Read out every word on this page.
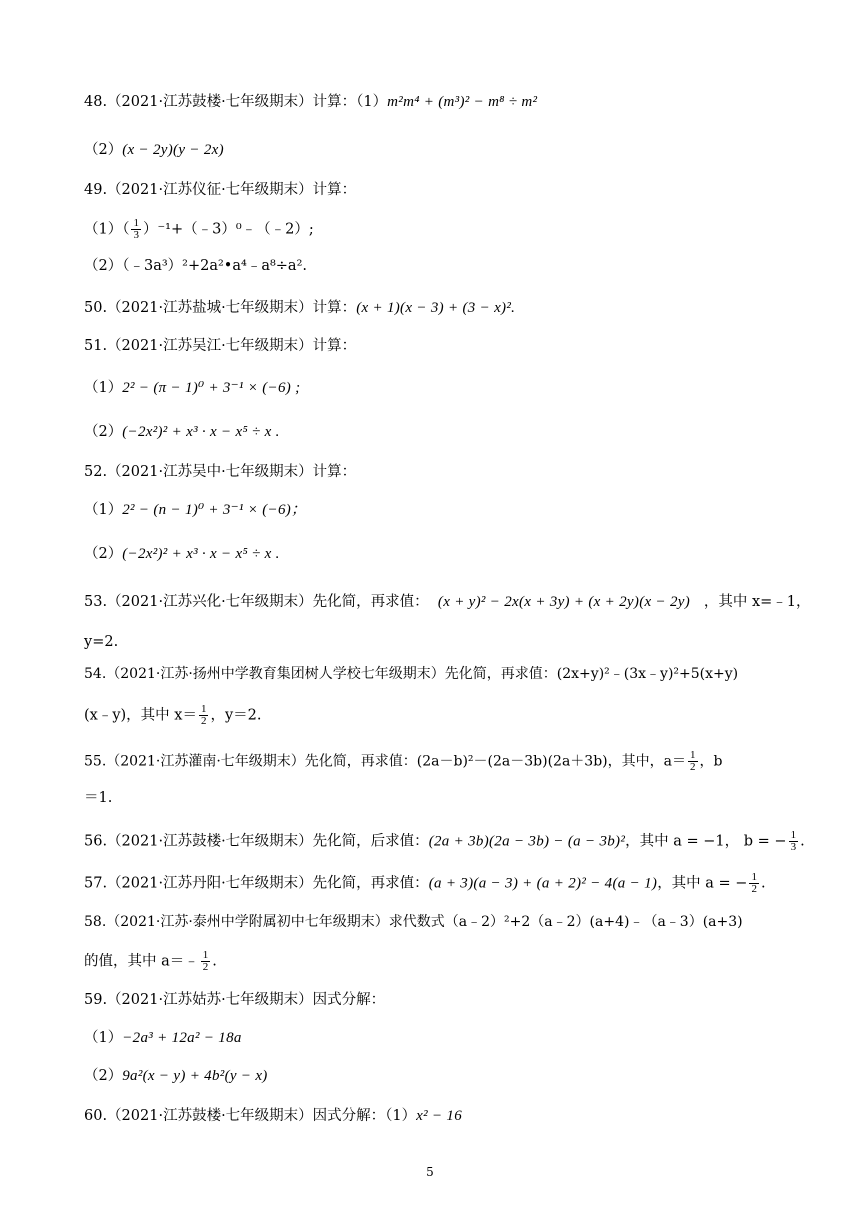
48.（2021·江苏鼓楼·七年级期末）计算：（1）m²m⁴ + (m³)² − m⁸ ÷ m²
（2）(x − 2y)(y − 2x)
49.（2021·江苏仪征·七年级期末）计算：
$(1)( \frac{1}{3}$ ）⁻¹+（﹣3）⁰﹣（﹣2）;
（2）（﹣3a³）²+2a²•a⁴﹣a⁸÷a².
50.（2021·江苏盐城·七年级期末）计算：(x + 1)(x − 3) + (3 − x)².
51.（2021·江苏吴江·七年级期末）计算：
（1）2² − (π − 1)⁰ + 3⁻¹ × (−6) ;
（2）(−2x²)² + x³ · x − x⁵ ÷ x .
52.（2021·江苏吴中·七年级期末）计算：
（1）2² − (n − 1)⁰ + 3⁻¹ × (−6)；
（2）(−2x²)² + x³ · x − x⁵ ÷ x .
53.（2021·江苏兴化·七年级期末）先化简，再求值： (x + y)² − 2x(x + 3y) + (x + 2y)(x − 2y) ，其中 x=﹣1，
y=2.
54.（2021·江苏·扬州中学教育集团树人学校七年级期末）先化简，再求值：(2x+y)²﹣(3x﹣y)²+5(x+y)
(x﹣y)，其中 $x= \frac{1}{2}$ ，y＝2.
55.（2021·江苏灌南·七年级期末）先化简，再求值：(2a－b)²－(2a－3b)(2a＋3b)，其中，$a= \frac{1}{2}$ ，b
＝1.
56.（2021·江苏鼓楼·七年级期末）先化简，后求值：(2a + 3b)(2a − 3b) − (a − 3b)²，其中 a = −1， b = − $\frac{1}{3}$ .
57.（2021·江苏丹阳·七年级期末）先化简，再求值：(a + 3)(a − 3) + (a + 2)² − 4(a − 1)，其中 a = − $\frac{1}{2}$ .
58.（2021·江苏·泰州中学附属初中七年级期末）求代数式（a﹣2）²+2（a﹣2）(a+4)﹣（a﹣3）(a+3)
的值，其中 a＝﹣ $\frac{1}{2}$ .
59.（2021·江苏姑苏·七年级期末）因式分解：
（1）−2a³ + 12a² − 18a
（2）9a²(x − y) + 4b²(y − x)
60.（2021·江苏鼓楼·七年级期末）因式分解：（1）x² − 16
5
